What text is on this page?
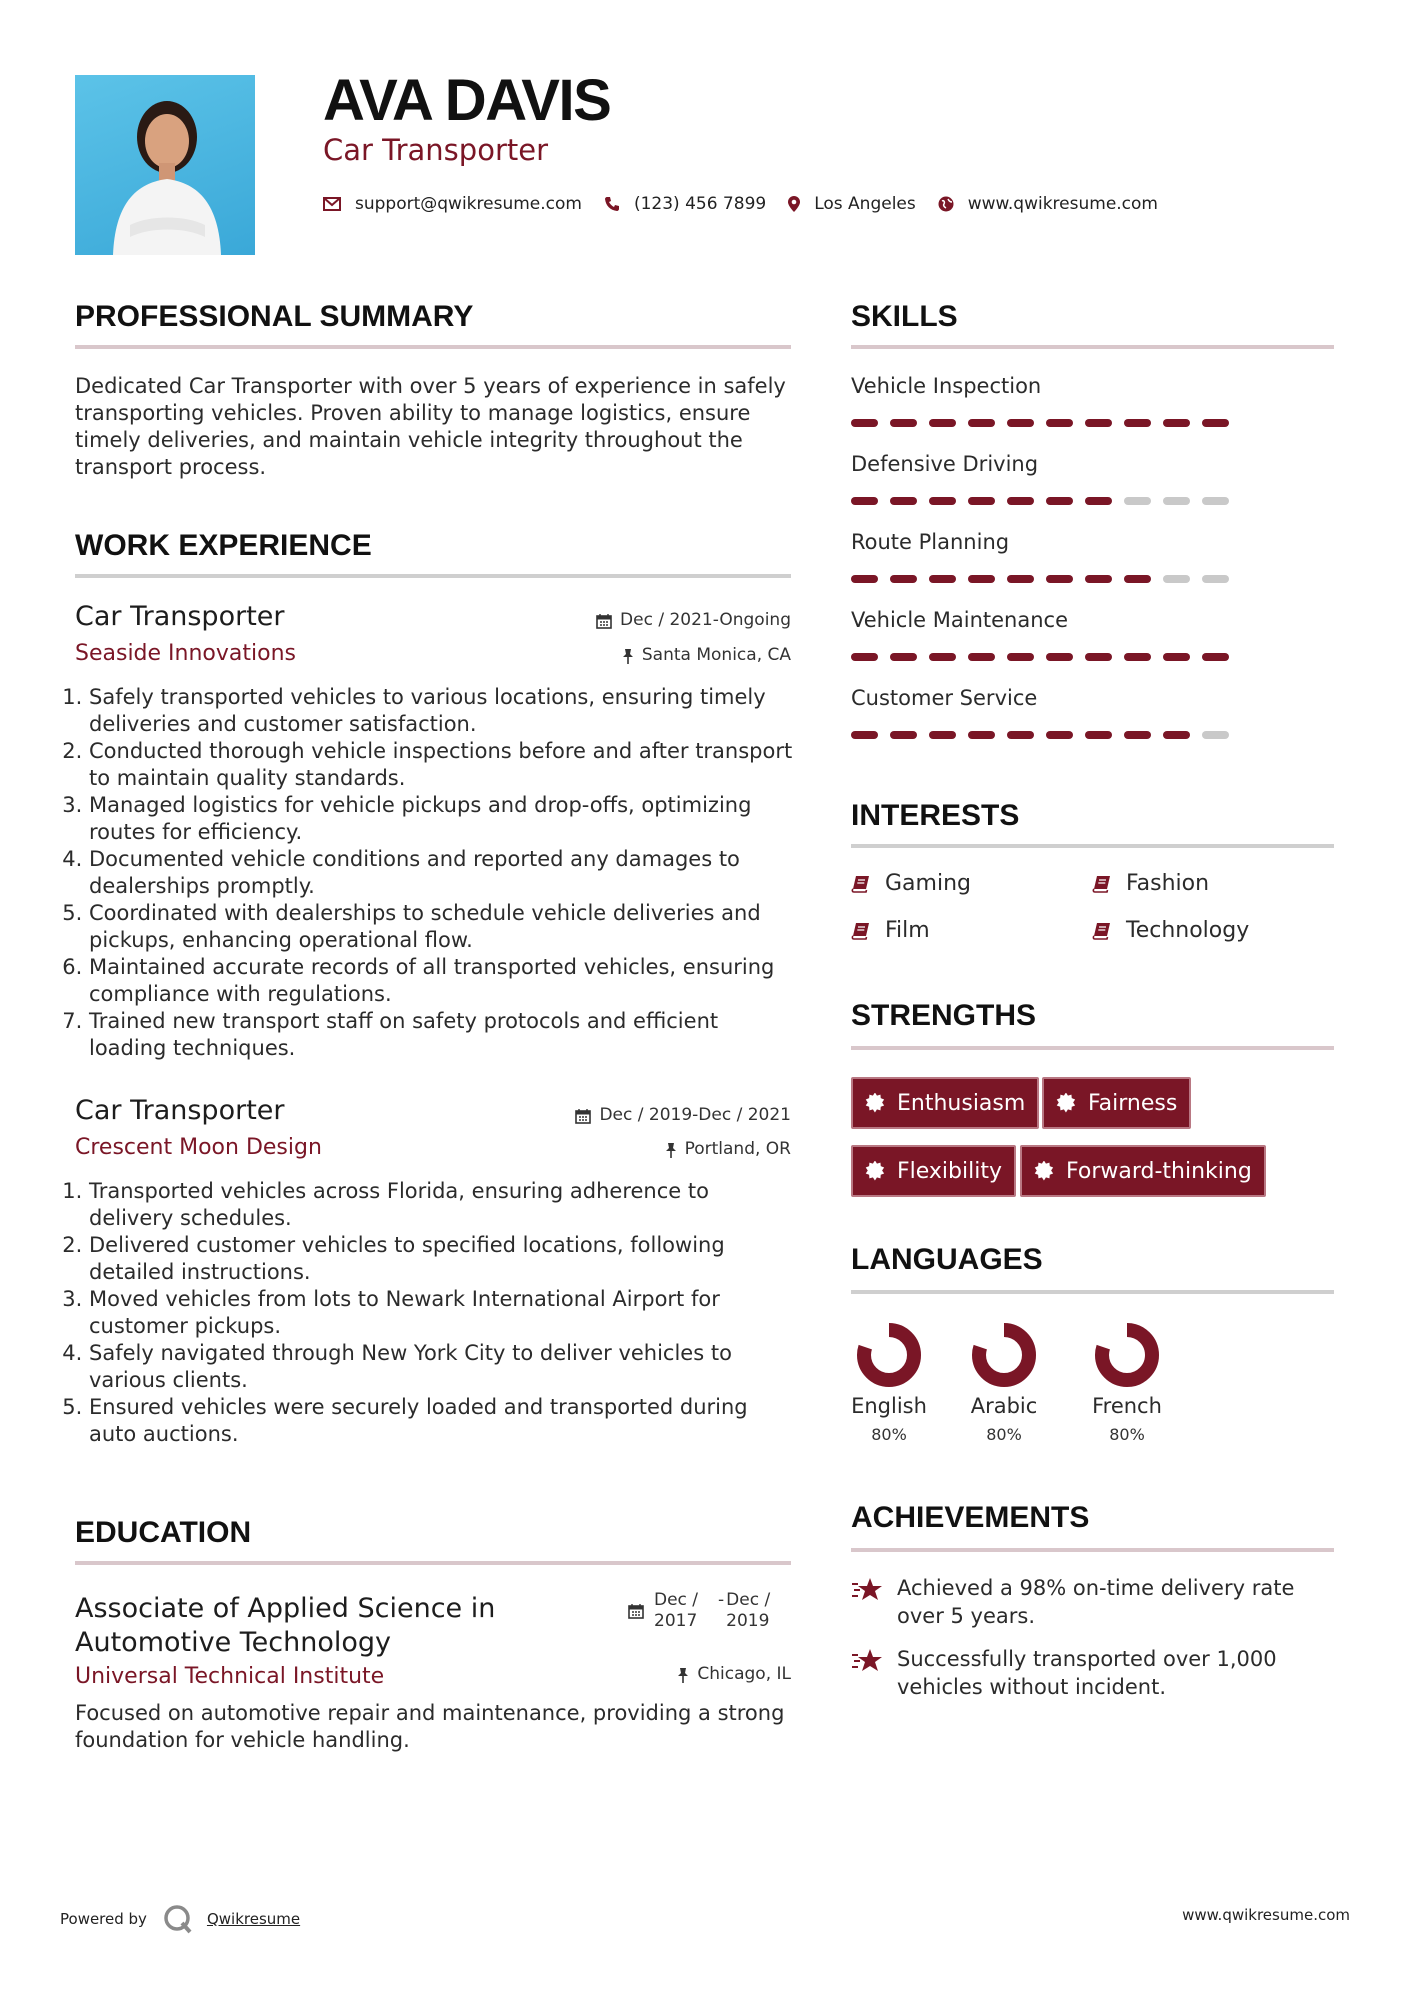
AVA DAVIS
Car Transporter
support@qwikresume.com	(123) 456 7899	Los Angeles	www.qwikresume.com
PROFESSIONAL SUMMARY
Dedicated Car Transporter with over 5 years of experience in safely transporting vehicles. Proven ability to manage logistics, ensure timely deliveries, and maintain vehicle integrity throughout the transport process.
WORK EXPERIENCE
Car Transporter	Dec / 2021-Ongoing
Seaside Innovations	Santa Monica, CA
1. Safely transported vehicles to various locations, ensuring timely deliveries and customer satisfaction.
2. Conducted thorough vehicle inspections before and after transport to maintain quality standards.
3. Managed logistics for vehicle pickups and drop-offs, optimizing routes for efficiency.
4. Documented vehicle conditions and reported any damages to dealerships promptly.
5. Coordinated with dealerships to schedule vehicle deliveries and pickups, enhancing operational flow.
6. Maintained accurate records of all transported vehicles, ensuring compliance with regulations.
7. Trained new transport staff on safety protocols and efficient loading techniques.
Car Transporter	Dec / 2019-Dec / 2021
Crescent Moon Design	Portland, OR
1. Transported vehicles across Florida, ensuring adherence to delivery schedules.
2. Delivered customer vehicles to specified locations, following detailed instructions.
3. Moved vehicles from lots to Newark International Airport for customer pickups.
4. Safely navigated through New York City to deliver vehicles to various clients.
5. Ensured vehicles were securely loaded and transported during auto auctions.
EDUCATION
Associate of Applied Science in
Automotive Technology
Dec /
2017
- Dec /
2019
Universal Technical Institute	Chicago, IL
Focused on automotive repair and maintenance, providing a strong foundation for vehicle handling.
SKILLS
Vehicle Inspection
Defensive Driving
Route Planning
Vehicle Maintenance
Customer Service
INTERESTS
Gaming	Fashion
Film	Technology
STRENGTHS
Enthusiasm	Fairness
Flexibility	Forward-thinking
LANGUAGES
English
80%
Arabic
80%
French
80%
ACHIEVEMENTS
Achieved a 98% on-time delivery rate over 5 years.
Successfully transported over 1,000 vehicles without incident.
Powered by	Qwikresume	www.qwikresume.com
